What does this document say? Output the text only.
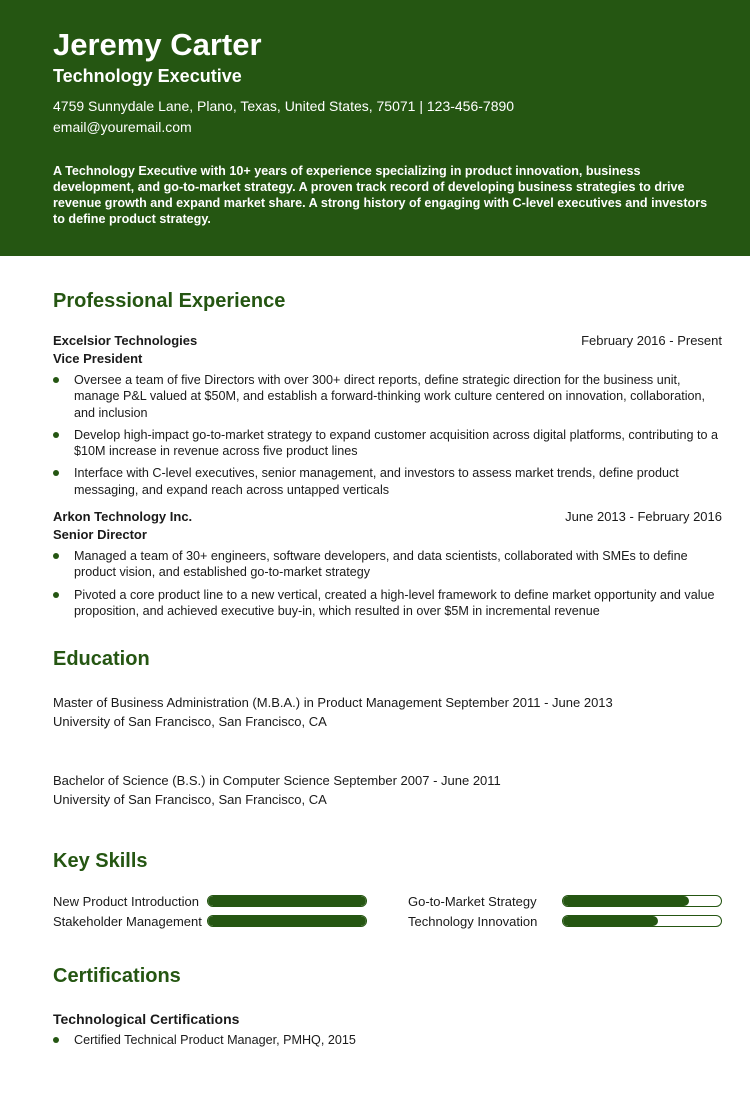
Jeremy Carter
Technology Executive
4759 Sunnydale Lane, Plano, Texas, United States, 75071 | 123-456-7890
email@youremail.com
A Technology Executive with 10+ years of experience specializing in product innovation, business development, and go-to-market strategy. A proven track record of developing business strategies to drive revenue growth and expand market share. A strong history of engaging with C-level executives and investors to define product strategy.
Professional Experience
Excelsior Technologies	February 2016 - Present
Vice President
Oversee a team of five Directors with over 300+ direct reports, define strategic direction for the business unit, manage P&L valued at $50M, and establish a forward-thinking work culture centered on innovation, collaboration, and inclusion
Develop high-impact go-to-market strategy to expand customer acquisition across digital platforms, contributing to a $10M increase in revenue across five product lines
Interface with C-level executives, senior management, and investors to assess market trends, define product messaging, and expand reach across untapped verticals
Arkon Technology Inc.	June 2013 - February 2016
Senior Director
Managed a team of 30+ engineers, software developers, and data scientists, collaborated with SMEs to define product vision, and established go-to-market strategy
Pivoted a core product line to a new vertical, created a high-level framework to define market opportunity and value proposition, and achieved executive buy-in, which resulted in over $5M in incremental revenue
Education
Master of Business Administration (M.B.A.) in Product Management September 2011 - June 2013
University of San Francisco, San Francisco, CA
Bachelor of Science (B.S.) in Computer Science September 2007 - June 2011
University of San Francisco, San Francisco, CA
Key Skills
New Product Introduction	Go-to-Market Strategy
Stakeholder Management	Technology Innovation
Certifications
Technological Certifications
Certified Technical Product Manager, PMHQ, 2015
